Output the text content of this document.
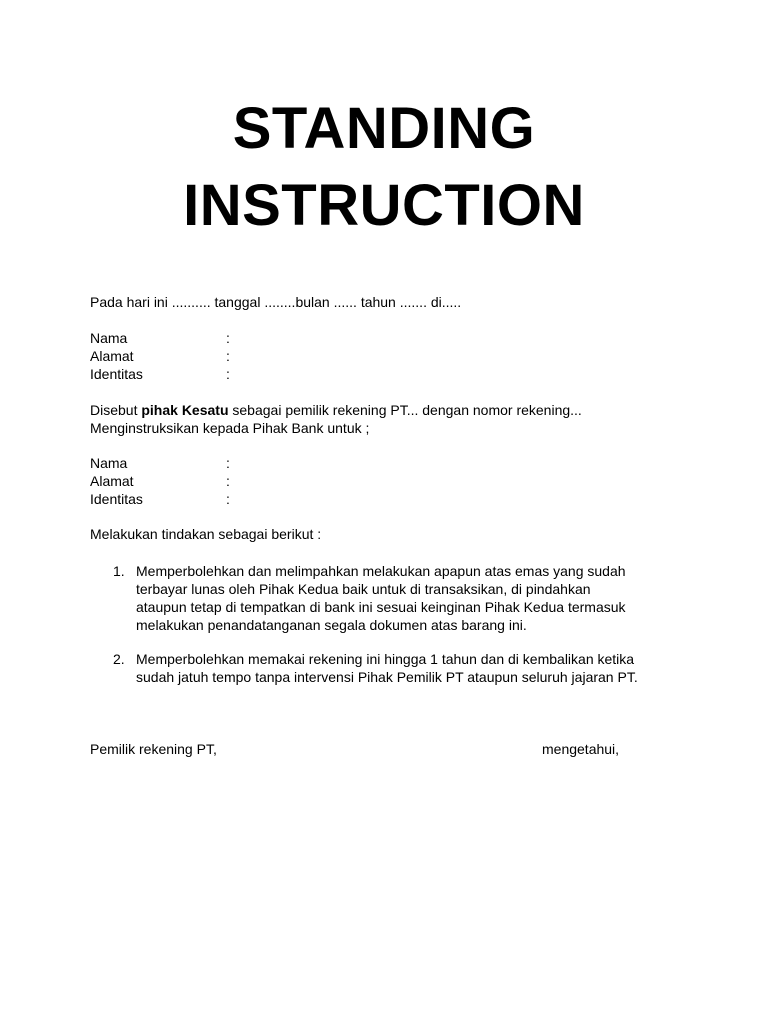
STANDING
INSTRUCTION
Pada hari ini .......... tanggal ........bulan ...... tahun ....... di.....
Nama	:
Alamat	:
Identitas	:
Disebut pihak Kesatu sebagai pemilik rekening PT... dengan nomor rekening...
Menginstruksikan kepada Pihak Bank untuk ;
Nama	:
Alamat	:
Identitas	:
Melakukan tindakan sebagai berikut :
1. Memperbolehkan dan melimpahkan melakukan apapun atas emas yang sudah
terbayar lunas oleh Pihak Kedua baik untuk di transaksikan, di pindahkan
ataupun tetap di tempatkan di bank ini sesuai keinginan Pihak Kedua termasuk
melakukan penandatanganan segala dokumen atas barang ini.
2. Memperbolehkan memakai rekening ini hingga 1 tahun dan di kembalikan ketika
sudah jatuh tempo tanpa intervensi Pihak Pemilik PT ataupun seluruh jajaran PT.
Pemilik rekening PT,	mengetahui,
